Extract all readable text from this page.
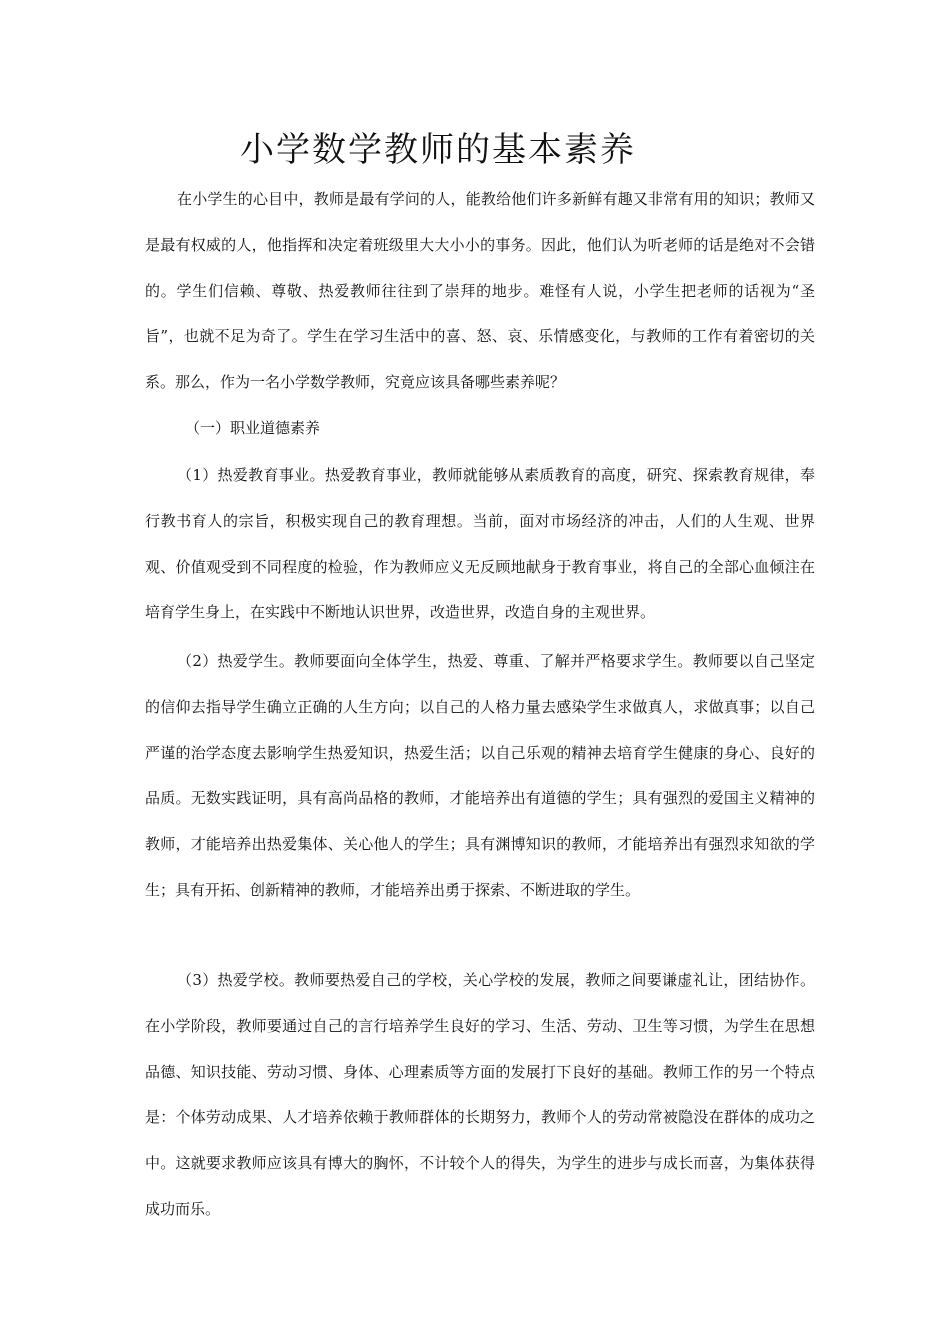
小学数学教师的基本素养

在小学生的心目中，教师是最有学问的人，能教给他们许多新鲜有趣又非常有用的知识；教师又是最有权威的人，他指挥和决定着班级里大大小小的事务。因此，他们认为听老师的话是绝对不会错的。学生们信赖、尊敬、热爱教师往往到了崇拜的地步。难怪有人说，小学生把老师的话视为“圣旨”，也就不足为奇了。学生在学习生活中的喜、怒、哀、乐情感变化，与教师的工作有着密切的关系。那么，作为一名小学数学教师，究竟应该具备哪些素养呢？

（一）职业道德素养

（1）热爱教育事业。热爱教育事业，教师就能够从素质教育的高度，研究、探索教育规律，奉行教书育人的宗旨，积极实现自己的教育理想。当前，面对市场经济的冲击，人们的人生观、世界观、价值观受到不同程度的检验，作为教师应义无反顾地献身于教育事业，将自己的全部心血倾注在培育学生身上，在实践中不断地认识世界，改造世界，改造自身的主观世界。

（2）热爱学生。教师要面向全体学生，热爱、尊重、了解并严格要求学生。教师要以自己坚定的信仰去指导学生确立正确的人生方向；以自己的人格力量去感染学生求做真人，求做真事；以自己严谨的治学态度去影响学生热爱知识，热爱生活；以自己乐观的精神去培育学生健康的身心、良好的品质。无数实践证明，具有高尚品格的教师，才能培养出有道德的学生；具有强烈的爱国主义精神的教师，才能培养出热爱集体、关心他人的学生；具有渊博知识的教师，才能培养出有强烈求知欲的学生；具有开拓、创新精神的教师，才能培养出勇于探索、不断进取的学生。

（3）热爱学校。教师要热爱自己的学校，关心学校的发展，教师之间要谦虚礼让，团结协作。在小学阶段，教师要通过自己的言行培养学生良好的学习、生活、劳动、卫生等习惯，为学生在思想品德、知识技能、劳动习惯、身体、心理素质等方面的发展打下良好的基础。教师工作的另一个特点是：个体劳动成果、人才培养依赖于教师群体的长期努力，教师个人的劳动常被隐没在群体的成功之中。这就要求教师应该具有博大的胸怀，不计较个人的得失，为学生的进步与成长而喜，为集体获得成功而乐。
